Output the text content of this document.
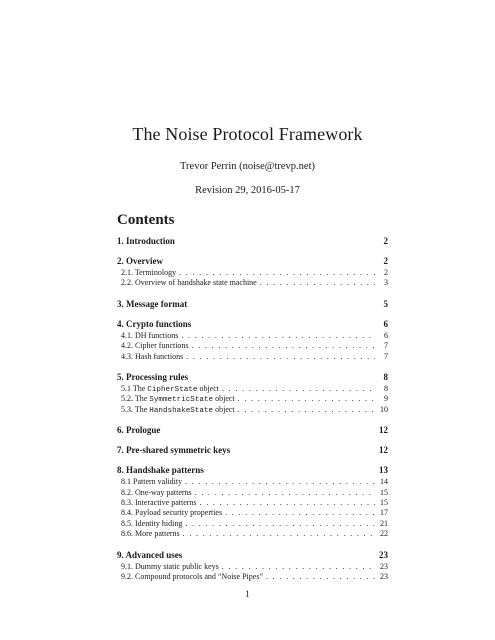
The Noise Protocol Framework
Trevor Perrin (noise@trevp.net)
Revision 29, 2016-05-17
Contents
1. Introduction	2
2. Overview	2
2.1. Terminology . . .	2
2.2. Overview of handshake state machine . . .	3
3. Message format	5
4. Crypto functions	6
4.1. DH functions . . .	6
4.2. Cipher functions . . .	7
4.3. Hash functions . . .	7
5. Processing rules	8
5.1 The CipherState object . . .	8
5.2. The SymmetricState object . . .	9
5.3. The HandshakeState object . . .	10
6. Prologue	12
7. Pre-shared symmetric keys	12
8. Handshake patterns	13
8.1 Pattern validity . . .	14
8.2. One-way patterns . . .	15
8.3. Interactive patterns . . .	15
8.4. Payload security properties . . .	17
8.5. Identity hiding . . .	21
8.6. More patterns . . .	22
9. Advanced uses	23
9.1. Dummy static public keys . . .	23
9.2. Compound protocols and “Noise Pipes” . . .	23
1
